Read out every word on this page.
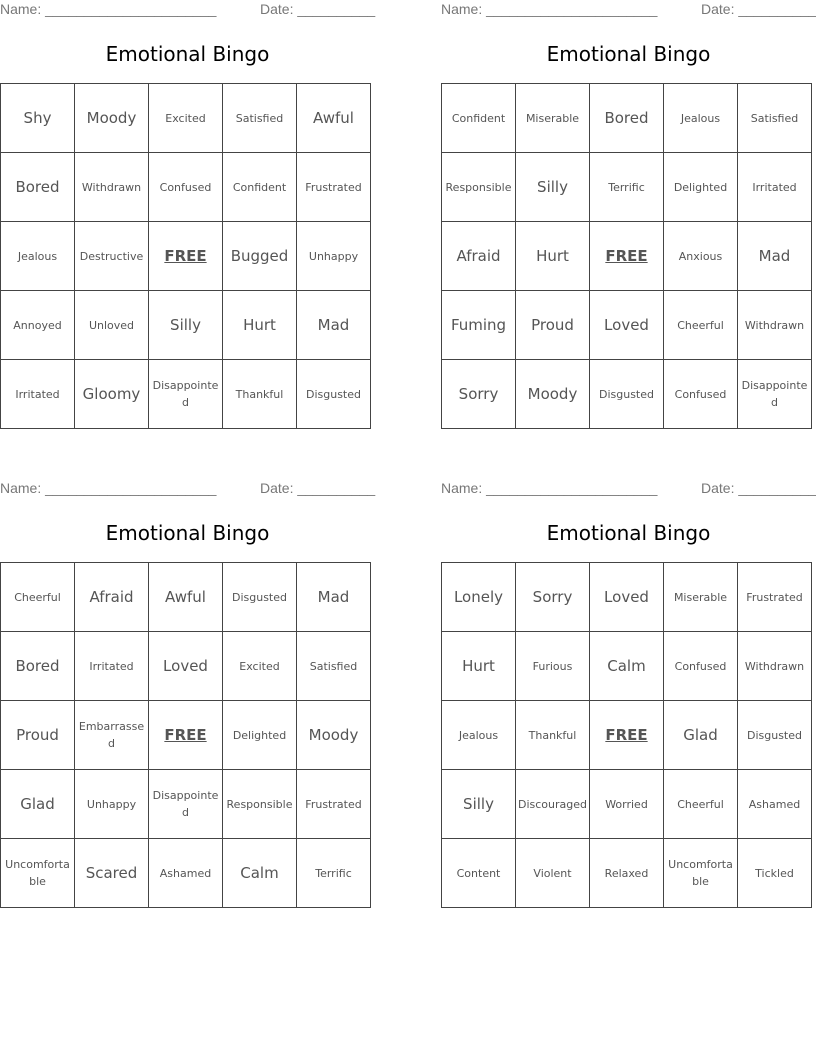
Name: ______________________	Date: __________
Emotional Bingo
Shy	Moody	Excited	Satisfied	Awful
Bored	Withdrawn	Confused	Confident	Frustrated
Jealous	Destructive	FREE	Bugged	Unhappy
Annoyed	Unloved	Silly	Hurt	Mad
Irritated	Gloomy	Disappointed	Thankful	Disgusted
Name: ______________________	Date: __________
Emotional Bingo
Confident	Miserable	Bored	Jealous	Satisfied
Responsible	Silly	Terrific	Delighted	Irritated
Afraid	Hurt	FREE	Anxious	Mad
Fuming	Proud	Loved	Cheerful	Withdrawn
Sorry	Moody	Disgusted	Confused	Disappointed
Name: ______________________	Date: __________
Emotional Bingo
Cheerful	Afraid	Awful	Disgusted	Mad
Bored	Irritated	Loved	Excited	Satisfied
Proud	Embarrassed	FREE	Delighted	Moody
Glad	Unhappy	Disappointed	Responsible	Frustrated
Uncomfortable	Scared	Ashamed	Calm	Terrific
Name: ______________________	Date: __________
Emotional Bingo
Lonely	Sorry	Loved	Miserable	Frustrated
Hurt	Furious	Calm	Confused	Withdrawn
Jealous	Thankful	FREE	Glad	Disgusted
Silly	Discouraged	Worried	Cheerful	Ashamed
Content	Violent	Relaxed	Uncomfortable	Tickled
